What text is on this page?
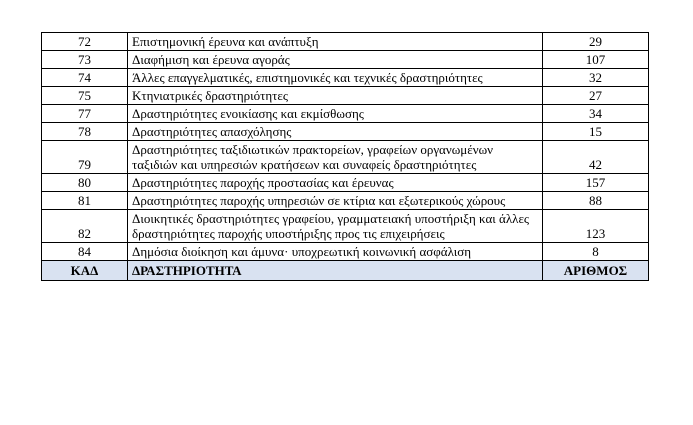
72	Επιστημονική έρευνα και ανάπτυξη	29
73	Διαφήμιση και έρευνα αγοράς	107
74	Άλλες επαγγελματικές, επιστημονικές και τεχνικές δραστηριότητες	32
75	Κτηνιατρικές δραστηριότητες	27
77	Δραστηριότητες ενοικίασης και εκμίσθωσης	34
78	Δραστηριότητες απασχόλησης	15
79	Δραστηριότητες ταξιδιωτικών πρακτορείων, γραφείων οργανωμένων ταξιδιών και υπηρεσιών κρατήσεων και συναφείς δραστηριότητες	42
80	Δραστηριότητες παροχής προστασίας και έρευνας	157
81	Δραστηριότητες παροχής υπηρεσιών σε κτίρια και εξωτερικούς χώρους	88
82	Διοικητικές δραστηριότητες γραφείου, γραμματειακή υποστήριξη και άλλες δραστηριότητες παροχής υποστήριξης προς τις επιχειρήσεις	123
84	Δημόσια διοίκηση και άμυνα· υποχρεωτική κοινωνική ασφάλιση	8
ΚΑΔ	ΔΡΑΣΤΗΡΙΟΤΗΤΑ	ΑΡΙΘΜΟΣ
